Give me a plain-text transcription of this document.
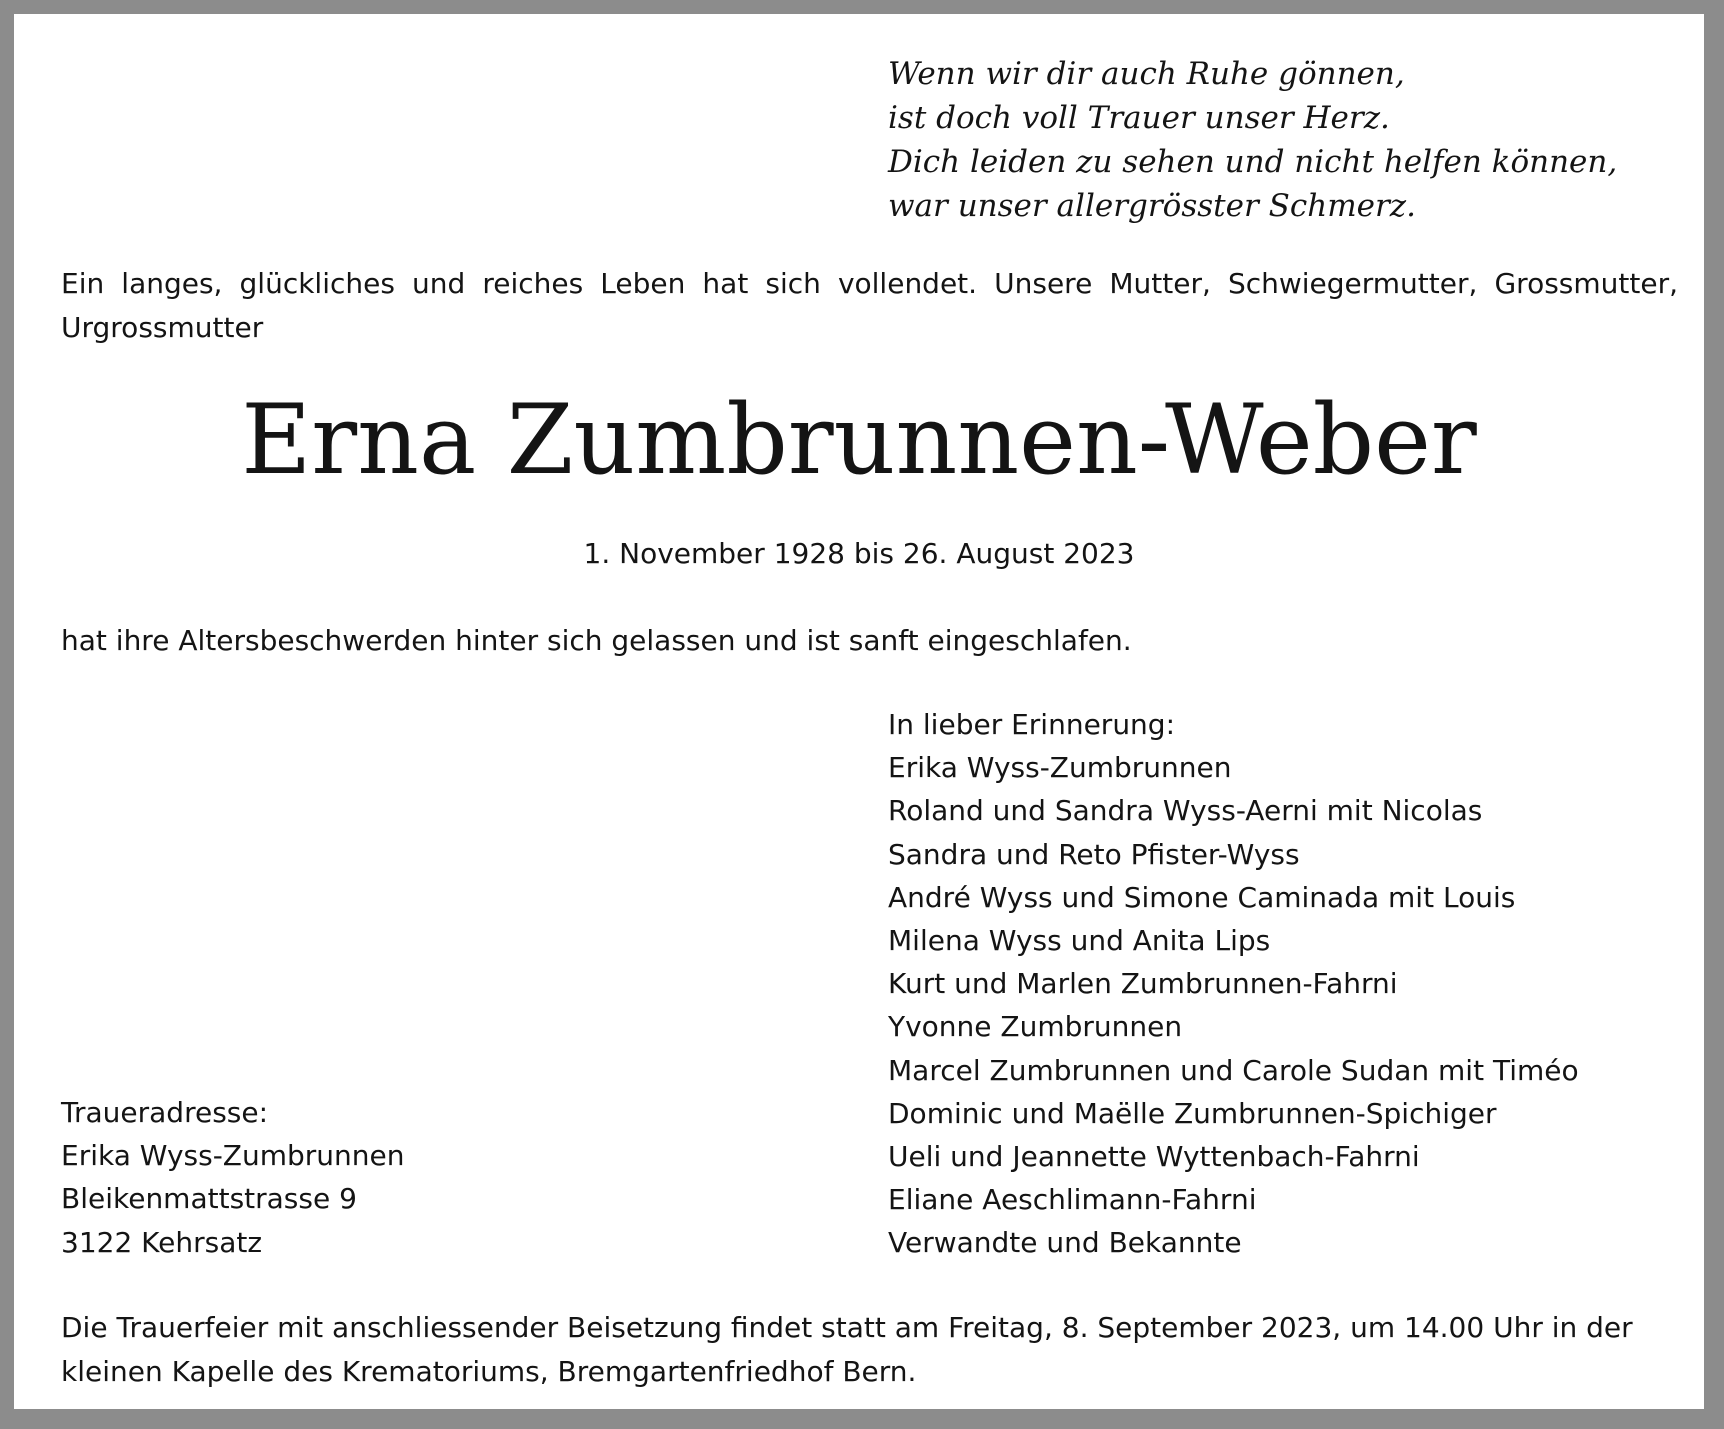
Wenn wir dir auch Ruhe gönnen,
ist doch voll Trauer unser Herz.
Dich leiden zu sehen und nicht helfen können,
war unser allergrösster Schmerz.
Ein langes, glückliches und reiches Leben hat sich vollendet. Unsere Mutter, Schwiegermutter, Grossmutter, Urgrossmutter
Erna Zumbrunnen-Weber
1. November 1928 bis 26. August 2023
hat ihre Altersbeschwerden hinter sich gelassen und ist sanft eingeschlafen.
In lieber Erinnerung:
Erika Wyss-Zumbrunnen
Roland und Sandra Wyss-Aerni mit Nicolas
Sandra und Reto Pfister-Wyss
André Wyss und Simone Caminada mit Louis
Milena Wyss und Anita Lips
Kurt und Marlen Zumbrunnen-Fahrni
Yvonne Zumbrunnen
Marcel Zumbrunnen und Carole Sudan mit Timéo
Dominic und Maëlle Zumbrunnen-Spichiger
Ueli und Jeannette Wyttenbach-Fahrni
Eliane Aeschlimann-Fahrni
Verwandte und Bekannte
Traueradresse:
Erika Wyss-Zumbrunnen
Bleikenmattstrasse 9
3122 Kehrsatz
Die Trauerfeier mit anschliessender Beisetzung findet statt am Freitag, 8. September 2023, um 14.00 Uhr in der kleinen Kapelle des Krematoriums, Bremgartenfriedhof Bern.
